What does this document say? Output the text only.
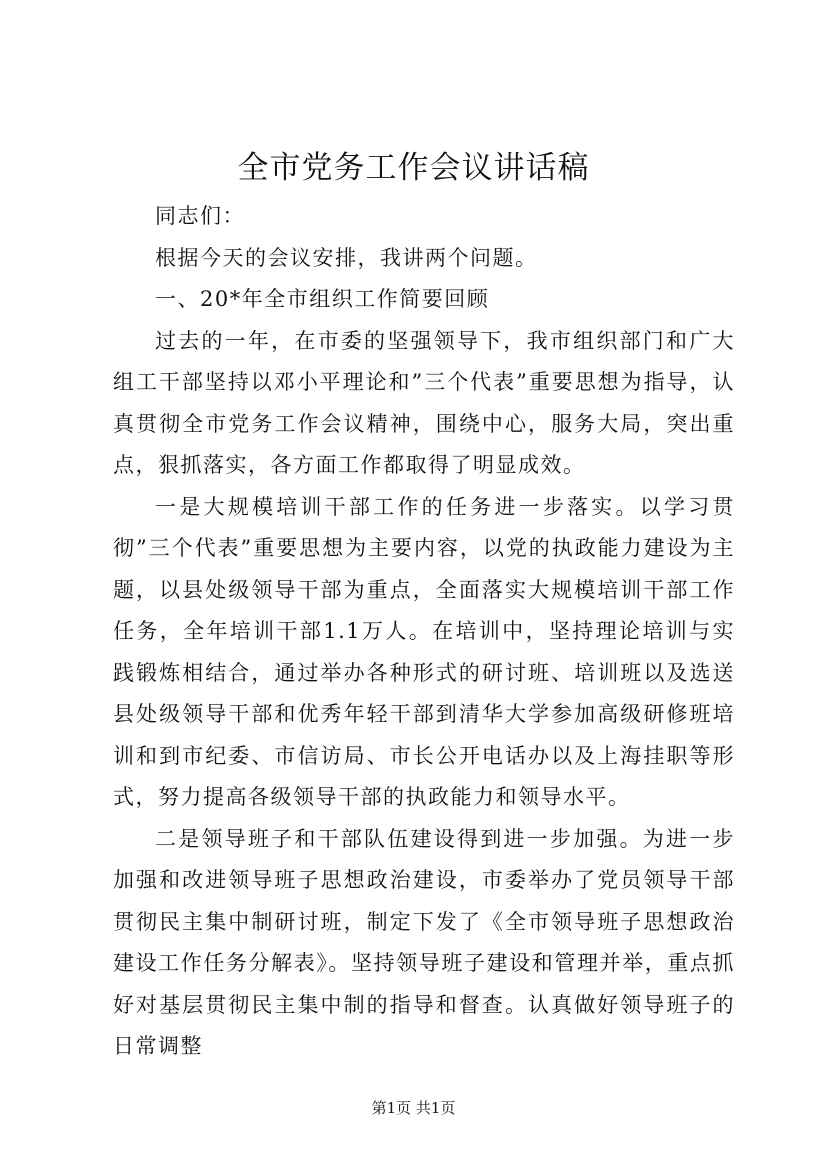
全市党务工作会议讲话稿

同志们：

根据今天的会议安排，我讲两个问题。

一、20*年全市组织工作简要回顾

过去的一年，在市委的坚强领导下，我市组织部门和广大组工干部坚持以邓小平理论和”三个代表”重要思想为指导，认真贯彻全市党务工作会议精神，围绕中心，服务大局，突出重点，狠抓落实，各方面工作都取得了明显成效。

一是大规模培训干部工作的任务进一步落实。以学习贯彻”三个代表”重要思想为主要内容，以党的执政能力建设为主题，以县处级领导干部为重点，全面落实大规模培训干部工作任务，全年培训干部1.1万人。在培训中，坚持理论培训与实践锻炼相结合，通过举办各种形式的研讨班、培训班以及选送县处级领导干部和优秀年轻干部到清华大学参加高级研修班培训和到市纪委、市信访局、市长公开电话办以及上海挂职等形式，努力提高各级领导干部的执政能力和领导水平。

二是领导班子和干部队伍建设得到进一步加强。为进一步加强和改进领导班子思想政治建设，市委举办了党员领导干部贯彻民主集中制研讨班，制定下发了《全市领导班子思想政治建设工作任务分解表》。坚持领导班子建设和管理并举，重点抓好对基层贯彻民主集中制的指导和督查。认真做好领导班子的日常调整

第1页 共1页
